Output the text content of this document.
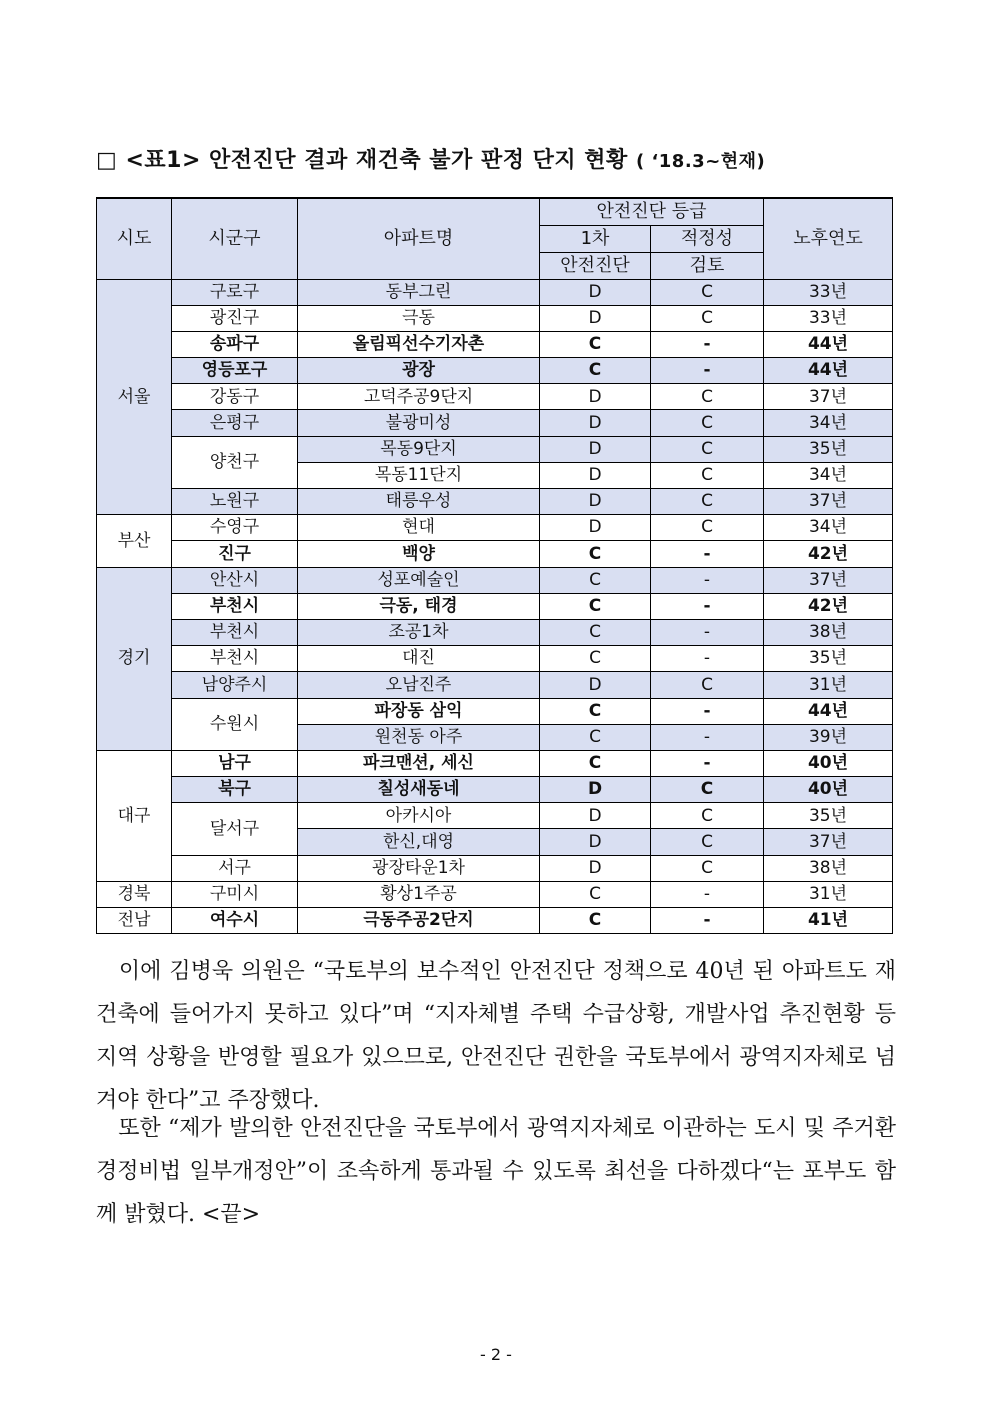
□ <표1> 안전진단 결과 재건축 불가 판정 단지 현황 ( ‘18.3~현재)
시도	시군구	아파트명	안전진단 등급		노후연도
			1차	적정성	
			안전진단	검토	
서울	구로구	동부그린	D	C	33년
	광진구	극동	D	C	33년
	송파구	올림픽선수기자촌	C	-	44년
	영등포구	광장	C	-	44년
	강동구	고덕주공9단지	D	C	37년
	은평구	불광미성	D	C	34년
	양천구	목동9단지	D	C	35년
		목동11단지	D	C	34년
	노원구	태릉우성	D	C	37년
부산	수영구	현대	D	C	34년
	진구	백양	C	-	42년
경기	안산시	성포예술인	C	-	37년
	부천시	극동, 태경	C	-	42년
	부천시	조공1차	C	-	38년
	부천시	대진	C	-	35년
	남양주시	오남진주	D	C	31년
	수원시	파장동 삼익	C	-	44년
		원천동 아주	C	-	39년
대구	남구	파크맨션, 세신	C	-	40년
	북구	칠성새동네	D	C	40년
	달서구	아카시아	D	C	35년
		한신,대영	D	C	37년
	서구	광장타운1차	D	C	38년
경북	구미시	황상1주공	C	-	31년
전남	여수시	극동주공2단지	C	-	41년

　이에 김병욱 의원은 “국토부의 보수적인 안전진단 정책으로 40년 된 아파트도 재건축에 들어가지 못하고 있다”며 “지자체별 주택 수급상황, 개발사업 추진현황 등 지역 상황을 반영할 필요가 있으므로, 안전진단 권한을 국토부에서 광역지자체로 넘겨야 한다”고 주장했다.

　또한 “제가 발의한 안전진단을 국토부에서 광역지자체로 이관하는 도시 및 주거환경정비법 일부개정안”이 조속하게 통과될 수 있도록 최선을 다하겠다“는 포부도 함께 밝혔다. <끝>

- 2 -
